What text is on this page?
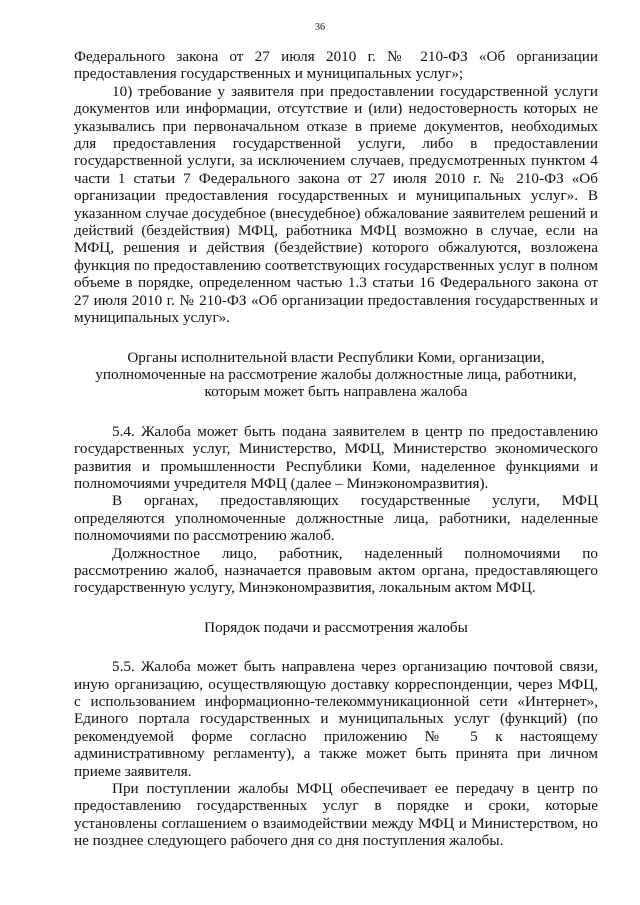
36

Федерального закона от 27 июля 2010 г. № 210-ФЗ «Об организации предоставления государственных и муниципальных услуг»;

10) требование у заявителя при предоставлении государственной услуги документов или информации, отсутствие и (или) недостоверность которых не указывались при первоначальном отказе в приеме документов, необходимых для предоставления государственной услуги, либо в предоставлении государственной услуги, за исключением случаев, предусмотренных пунктом 4 части 1 статьи 7 Федерального закона от 27 июля 2010 г. № 210-ФЗ «Об организации предоставления государственных и муниципальных услуг». В указанном случае досудебное (внесудебное) обжалование заявителем решений и действий (бездействия) МФЦ, работника МФЦ возможно в случае, если на МФЦ, решения и действия (бездействие) которого обжалуются, возложена функция по предоставлению соответствующих государственных услуг в полном объеме в порядке, определенном частью 1.3 статьи 16 Федерального закона от 27 июля 2010 г. № 210-ФЗ «Об организации предоставления государственных и муниципальных услуг».

Органы исполнительной власти Республики Коми, организации, уполномоченные на рассмотрение жалобы должностные лица, работники, которым может быть направлена жалоба

5.4. Жалоба может быть подана заявителем в центр по предоставлению государственных услуг, Министерство, МФЦ, Министерство экономического развития и промышленности Республики Коми, наделенное функциями и полномочиями учредителя МФЦ (далее – Минэкономразвития).

В органах, предоставляющих государственные услуги, МФЦ определяются уполномоченные должностные лица, работники, наделенные полномочиями по рассмотрению жалоб.

Должностное лицо, работник, наделенный полномочиями по рассмотрению жалоб, назначается правовым актом органа, предоставляющего государственную услугу, Минэкономразвития, локальным актом МФЦ.

Порядок подачи и рассмотрения жалобы

5.5. Жалоба может быть направлена через организацию почтовой связи, иную организацию, осуществляющую доставку корреспонденции, через МФЦ, с использованием информационно-телекоммуникационной сети «Интернет», Единого портала государственных и муниципальных услуг (функций) (по рекомендуемой форме согласно приложению № 5 к настоящему административному регламенту), а также может быть принята при личном приеме заявителя.

При поступлении жалобы МФЦ обеспечивает ее передачу в центр по предоставлению государственных услуг в порядке и сроки, которые установлены соглашением о взаимодействии между МФЦ и Министерством, но не позднее следующего рабочего дня со дня поступления жалобы.
